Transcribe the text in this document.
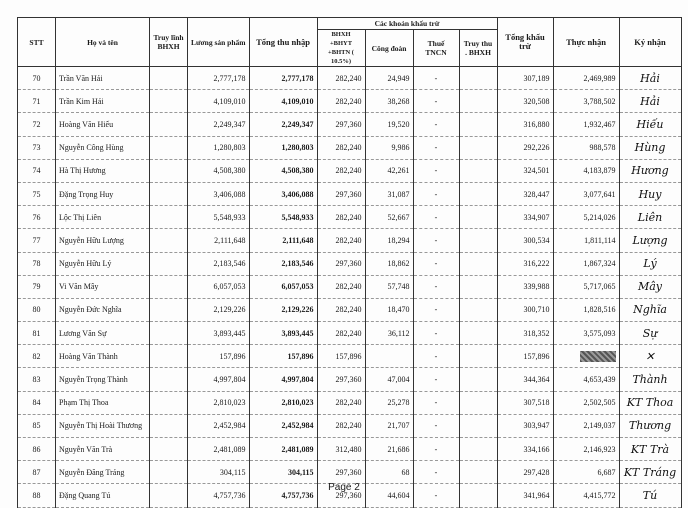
STT	Họ và tên	Truy lĩnh BHXH	Lương sản phẩm	Tổng thu nhập	Các khoản khấu trừ				Tổng khấu trừ	Thực nhận	Ký nhận
					BHXH +BHYT +BHTN ( 10.5%)	Công đoàn	Thuế TNCN	Truy thu . BHXH			
70	Trần Văn Hải		2,777,178	2,777,178	282,240	24,949	-		307,189	2,469,989	Hải
71	Trần Kim Hải		4,109,010	4,109,010	282,240	38,268	-		320,508	3,788,502	Hải
72	Hoàng Văn Hiếu		2,249,347	2,249,347	297,360	19,520	-		316,880	1,932,467	Hiếu
73	Nguyễn Công Hùng		1,280,803	1,280,803	282,240	9,986	-		292,226	988,578	Hùng
74	Hà Thị Hương		4,508,380	4,508,380	282,240	42,261	-		324,501	4,183,879	Hương
75	Đặng Trọng Huy		3,406,088	3,406,088	297,360	31,087	-		328,447	3,077,641	Huy
76	Lộc Thị Liên		5,548,933	5,548,933	282,240	52,667	-		334,907	5,214,026	Liên
77	Nguyễn Hữu Lượng		2,111,648	2,111,648	282,240	18,294	-		300,534	1,811,114	Lượng
78	Nguyễn Hữu Lý		2,183,546	2,183,546	297,360	18,862	-		316,222	1,867,324	Lý
79	Vi Văn Mây		6,057,053	6,057,053	282,240	57,748	-		339,988	5,717,065	Mây
80	Nguyễn Đức Nghĩa		2,129,226	2,129,226	282,240	18,470	-		300,710	1,828,516	Nghĩa
81	Lương Văn Sự		3,893,445	3,893,445	282,240	36,112	-		318,352	3,575,093	Sự
82	Hoàng Văn Thành		157,896	157,896	157,896		-		157,896		✕
83	Nguyễn Trọng Thành		4,997,804	4,997,804	297,360	47,004	-		344,364	4,653,439	Thành
84	Phạm Thị Thoa		2,810,023	2,810,023	282,240	25,278	-		307,518	2,502,505	KT Thoa
85	Nguyễn Thị Hoài Thương		2,452,984	2,452,984	282,240	21,707	-		303,947	2,149,037	Thương
86	Nguyễn Văn Trà		2,481,089	2,481,089	312,480	21,686	-		334,166	2,146,923	KT Trà
87	Nguyễn Đăng Tráng		304,115	304,115	297,360	68	-		297,428	6,687	KT Tráng
88	Đặng Quang Tú		4,757,736	4,757,736	297,360	44,604	-		341,964	4,415,772	Tú
Page 2
